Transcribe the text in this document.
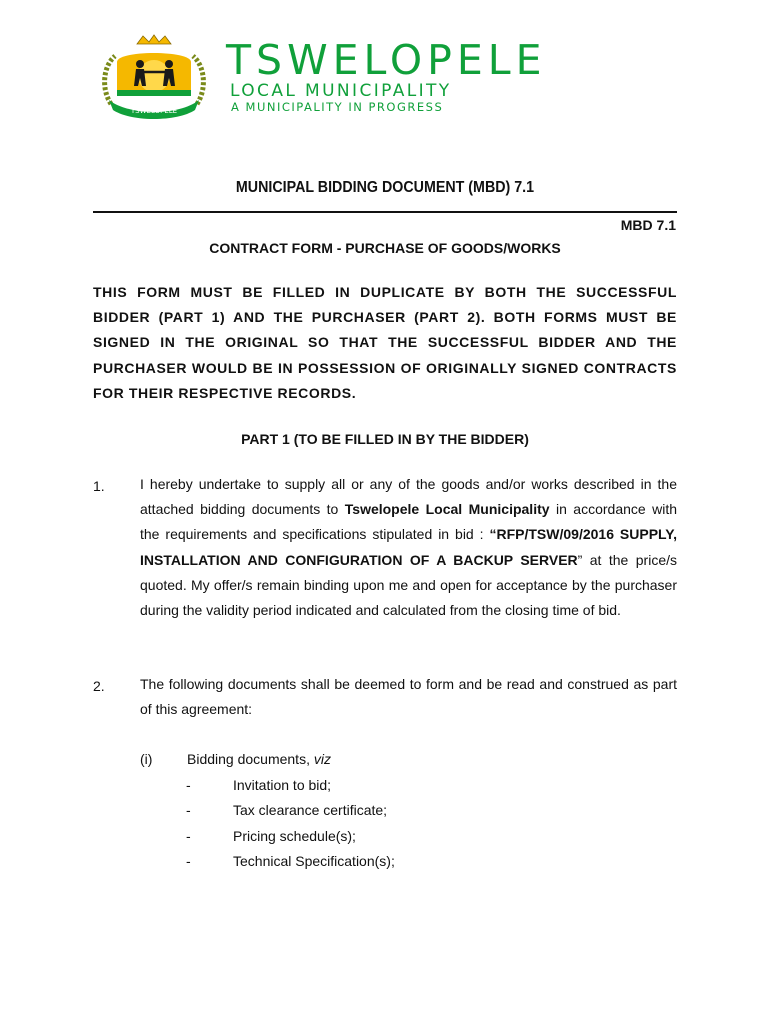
TSWELOPELE
TSWELOPELE
LOCAL MUNICIPALITY
A MUNICIPALITY IN PROGRESS
MUNICIPAL BIDDING DOCUMENT (MBD) 7.1
MBD 7.1
CONTRACT FORM - PURCHASE OF GOODS/WORKS
THIS FORM MUST BE FILLED IN DUPLICATE BY BOTH THE SUCCESSFUL BIDDER (PART 1) AND THE PURCHASER (PART 2). BOTH FORMS MUST BE SIGNED IN THE ORIGINAL SO THAT THE SUCCESSFUL BIDDER AND THE PURCHASER WOULD BE IN POSSESSION OF ORIGINALLY SIGNED CONTRACTS FOR THEIR RESPECTIVE RECORDS.
PART 1 (TO BE FILLED IN BY THE BIDDER)
1.	I hereby undertake to supply all or any of the goods and/or works described in the attached bidding documents to Tswelopele Local Municipality in accordance with the requirements and specifications stipulated in bid : “RFP/TSW/09/2016 SUPPLY, INSTALLATION AND CONFIGURATION OF A BACKUP SERVER” at the price/s quoted. My offer/s remain binding upon me and open for acceptance by the purchaser during the validity period indicated and calculated from the closing time of bid.
2.	The following documents shall be deemed to form and be read and construed as part of this agreement:
(i) Bidding documents, viz
-	Invitation to bid;
-	Tax clearance certificate;
-	Pricing schedule(s);
-	Technical Specification(s);
